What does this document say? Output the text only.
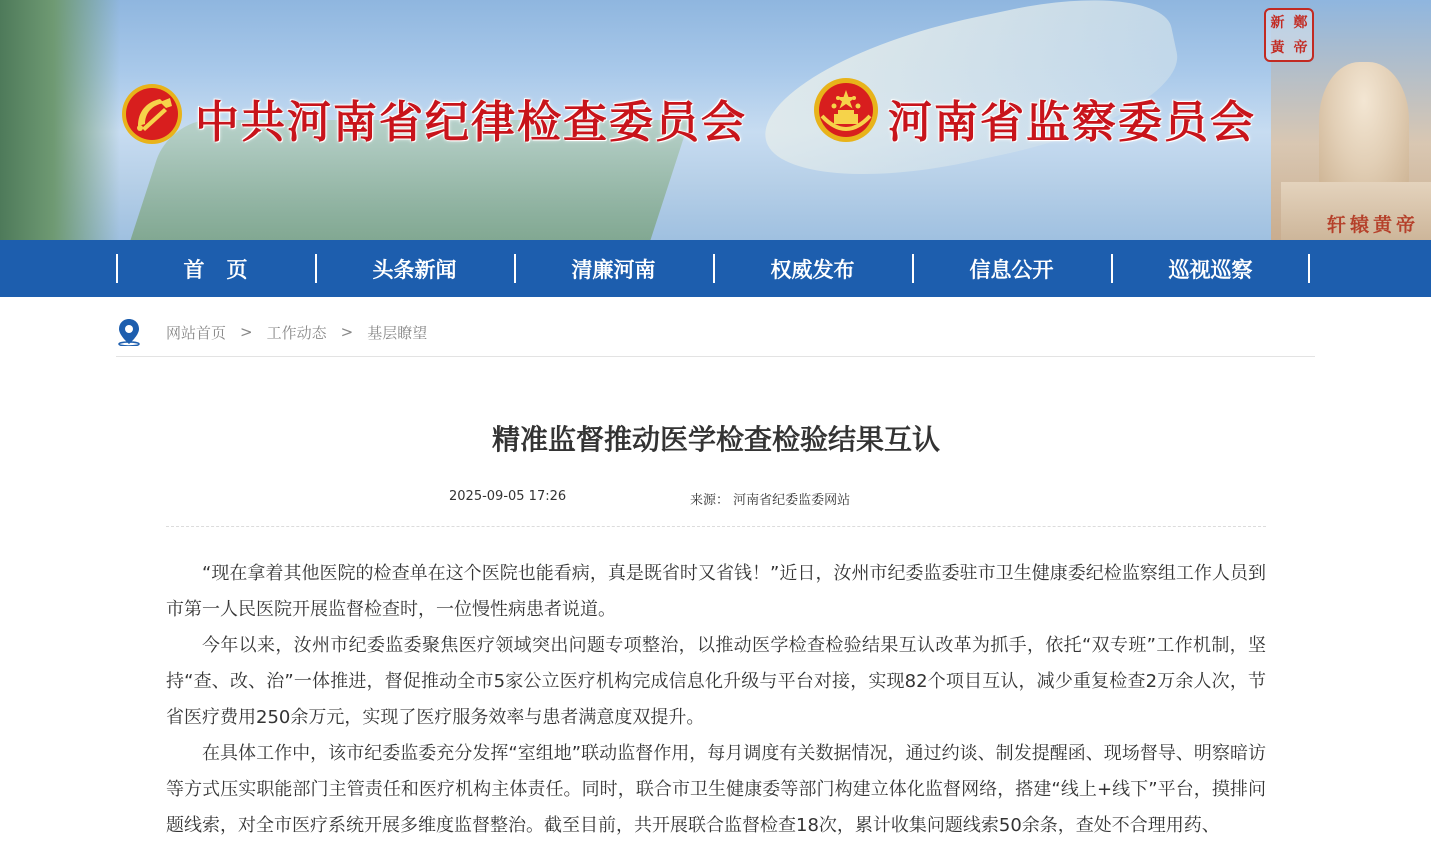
轩辕黄帝
新 鄭
黃 帝
中共河南省纪律检查委员会	河南省监察委员会
首页	头条新闻	清廉河南	权威发布	信息公开	巡视巡察
网站首页 > 工作动态 > 基层瞭望
精准监督推动医学检查检验结果互认
2025-09-05 17:26	来源： 河南省纪委监委网站

“现在拿着其他医院的检查单在这个医院也能看病，真是既省时又省钱！”近日，汝州市纪委监委驻市卫生健康委纪检监察组工作人员到市第一人民医院开展监督检查时，一位慢性病患者说道。

今年以来，汝州市纪委监委聚焦医疗领域突出问题专项整治，以推动医学检查检验结果互认改革为抓手，依托“双专班”工作机制，坚持“查、改、治”一体推进，督促推动全市5家公立医疗机构完成信息化升级与平台对接，实现82个项目互认，减少重复检查2万余人次，节省医疗费用250余万元，实现了医疗服务效率与患者满意度双提升。

在具体工作中，该市纪委监委充分发挥“室组地”联动监督作用，每月调度有关数据情况，通过约谈、制发提醒函、现场督导、明察暗访等方式压实职能部门主管责任和医疗机构主体责任。同时，联合市卫生健康委等部门构建立体化监督网络，搭建“线上+线下”平台，摸排问题线索，对全市医疗系统开展多维度监督整治。截至目前，共开展联合监督检查18次，累计收集问题线索50余条，查处不合理用药、
